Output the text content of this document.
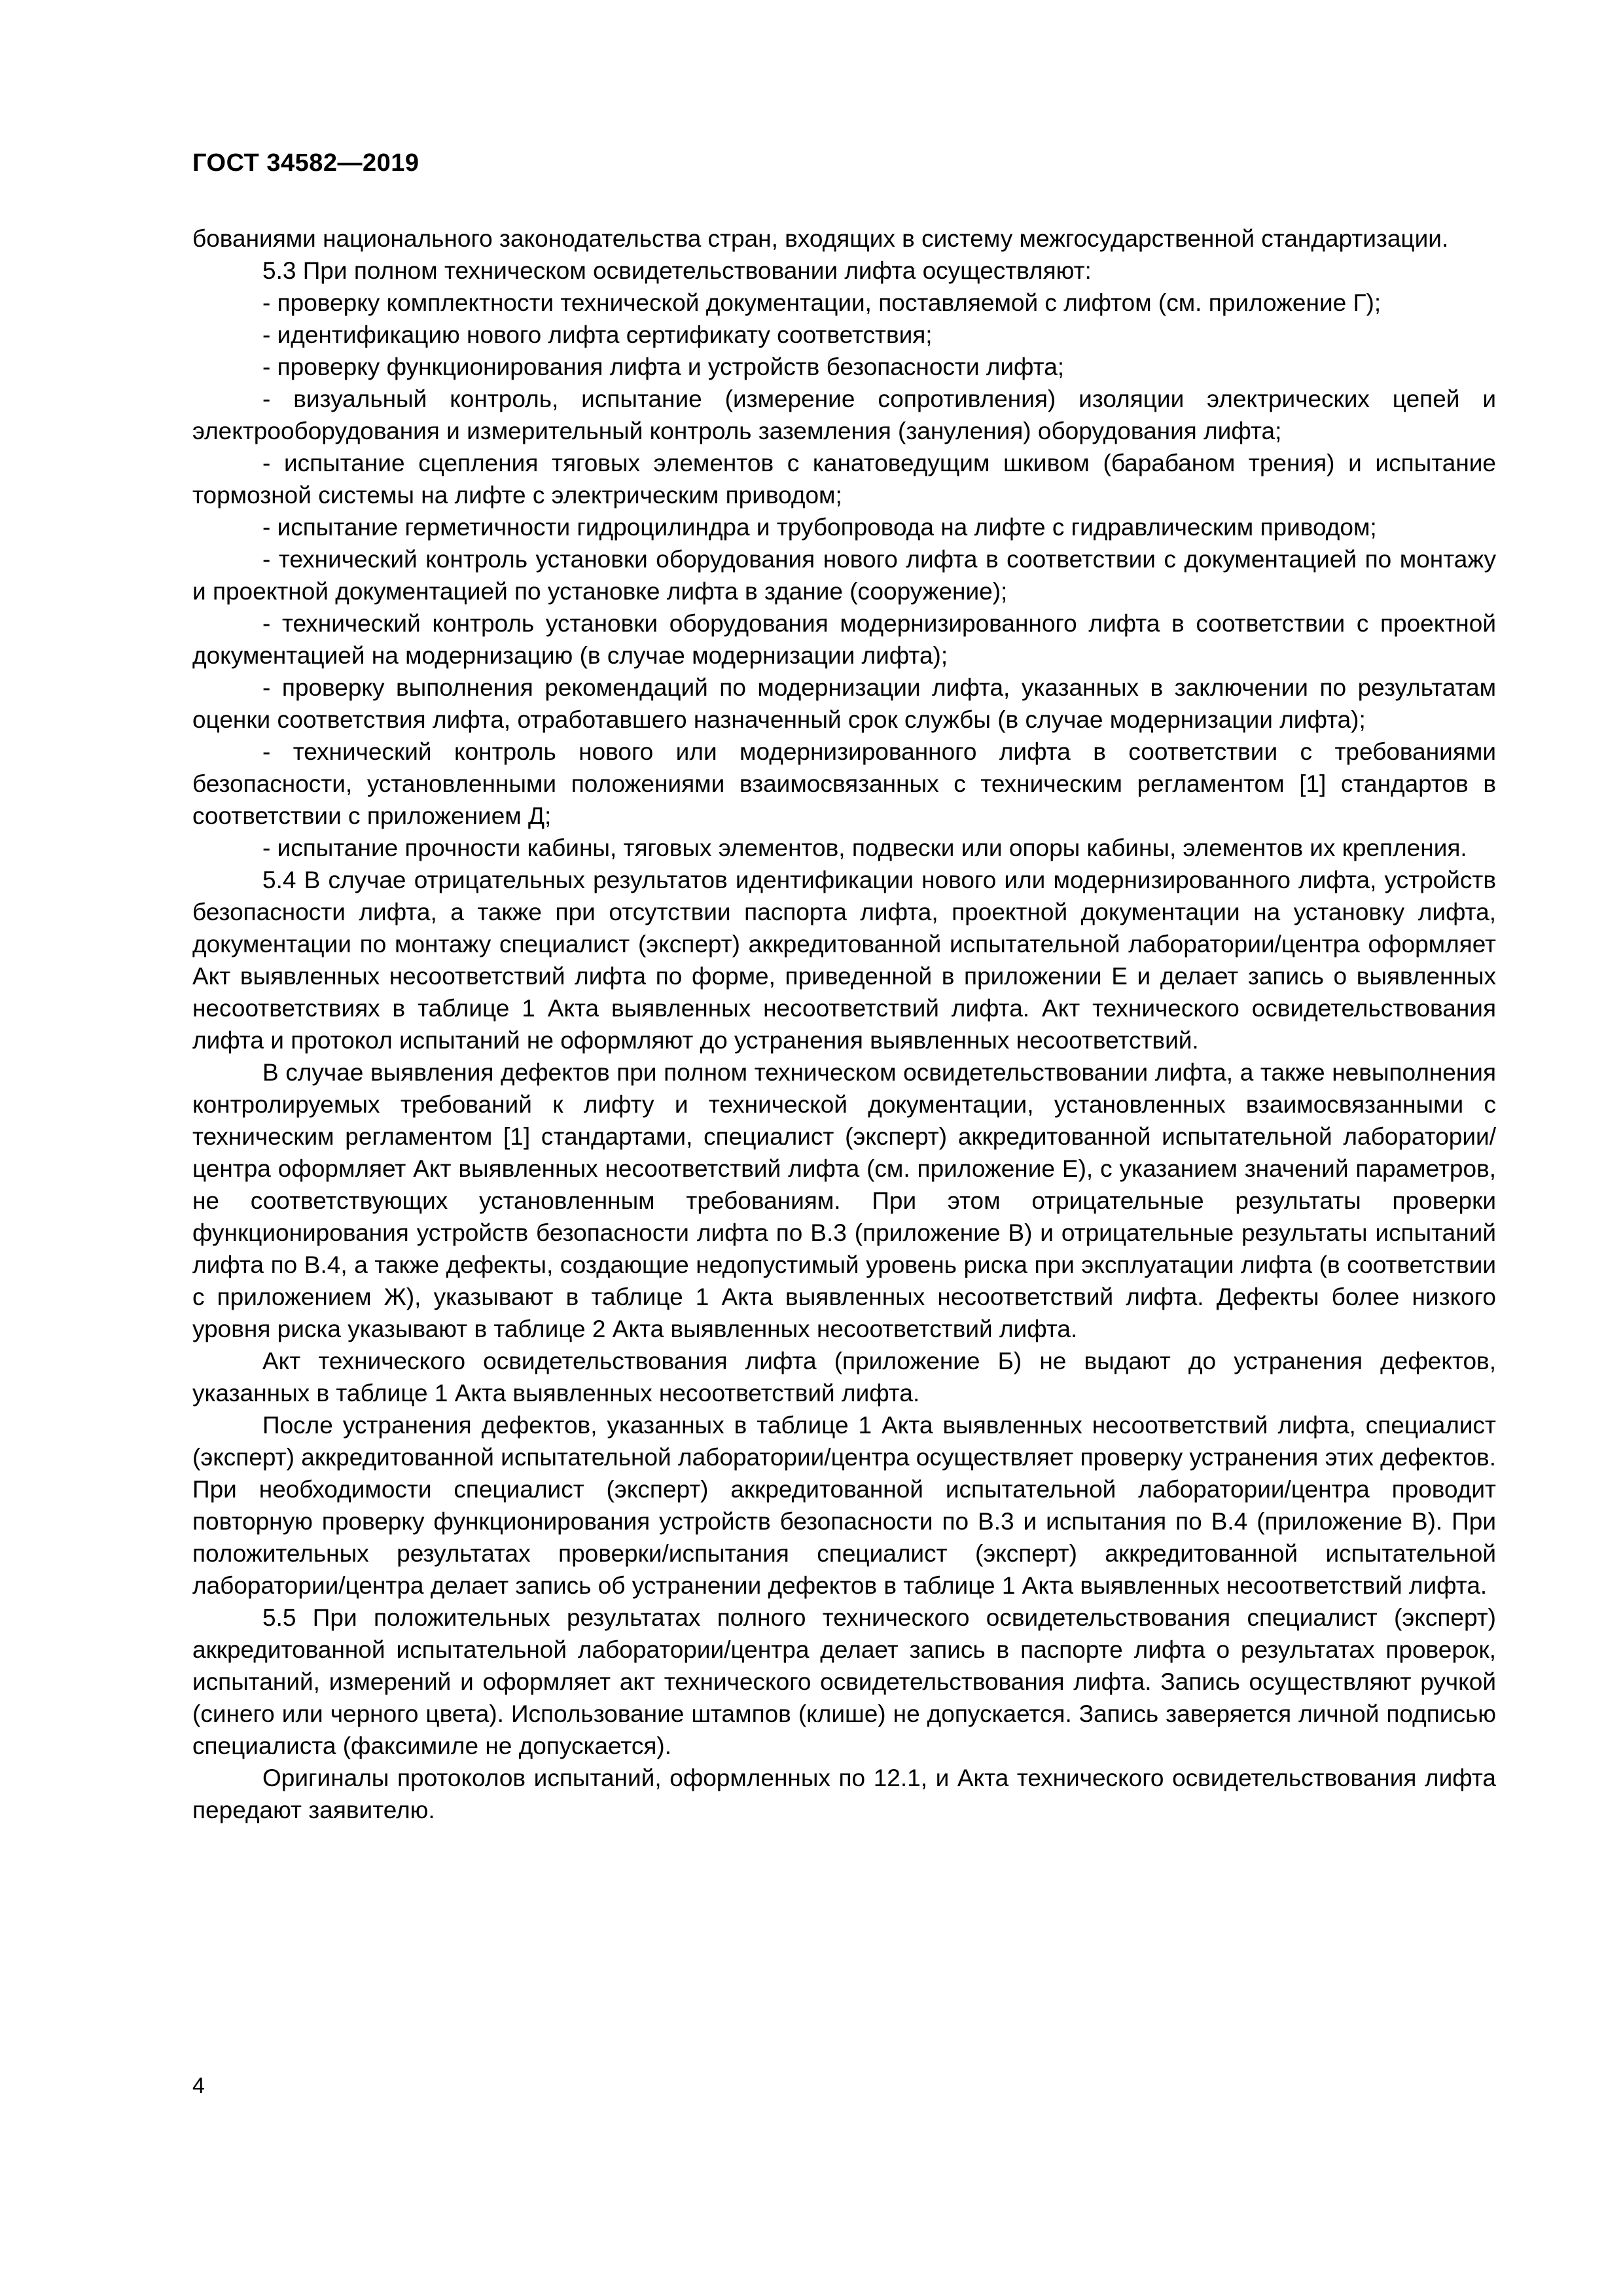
ГОСТ 34582—2019

бованиями национального законодательства стран, входящих в систему межгосударственной стандартизации.

5.3 При полном техническом освидетельствовании лифта осуществляют:

- проверку комплектности технической документации, поставляемой с лифтом (см. приложение Г);

- идентификацию нового лифта сертификату соответствия;

- проверку функционирования лифта и устройств безопасности лифта;

- визуальный контроль, испытание (измерение сопротивления) изоляции электрических цепей и электрооборудования и измерительный контроль заземления (зануления) оборудования лифта;

- испытание сцепления тяговых элементов с канатоведущим шкивом (барабаном трения) и испытание тормозной системы на лифте с электрическим приводом;

- испытание герметичности гидроцилиндра и трубопровода на лифте с гидравлическим приводом;

- технический контроль установки оборудования нового лифта в соответствии с документацией по монтажу и проектной документацией по установке лифта в здание (сооружение);

- технический контроль установки оборудования модернизированного лифта в соответствии с проектной документацией на модернизацию (в случае модернизации лифта);

- проверку выполнения рекомендаций по модернизации лифта, указанных в заключении по результатам оценки соответствия лифта, отработавшего назначенный срок службы (в случае модернизации лифта);

- технический контроль нового или модернизированного лифта в соответствии с требованиями безопасности, установленными положениями взаимосвязанных с техническим регламентом [1] стандартов в соответствии с приложением Д;

- испытание прочности кабины, тяговых элементов, подвески или опоры кабины, элементов их крепления.

5.4 В случае отрицательных результатов идентификации нового или модернизированного лифта, устройств безопасности лифта, а также при отсутствии паспорта лифта, проектной документации на установку лифта, документации по монтажу специалист (эксперт) аккредитованной испытательной лаборатории/центра оформляет Акт выявленных несоответствий лифта по форме, приведенной в приложении Е и делает запись о выявленных несоответствиях в таблице 1 Акта выявленных несоответствий лифта. Акт технического освидетельствования лифта и протокол испытаний не оформляют до устранения выявленных несоответствий.

В случае выявления дефектов при полном техническом освидетельствовании лифта, а также невыполнения контролируемых требований к лифту и технической документации, установленных взаимосвязанными с техническим регламентом [1] стандартами, специалист (эксперт) аккредитованной испытательной лаборатории/центра оформляет Акт выявленных несоответствий лифта (см. приложение Е), с указанием значений параметров, не соответствующих установленным требованиям. При этом отрицательные результаты проверки функционирования устройств безопасности лифта по В.3 (приложение В) и отрицательные результаты испытаний лифта по В.4, а также дефекты, создающие недопустимый уровень риска при эксплуатации лифта (в соответствии с приложением Ж), указывают в таблице 1 Акта выявленных несоответствий лифта. Дефекты более низкого уровня риска указывают в таблице 2 Акта выявленных несоответствий лифта.

Акт технического освидетельствования лифта (приложение Б) не выдают до устранения дефектов, указанных в таблице 1 Акта выявленных несоответствий лифта.

После устранения дефектов, указанных в таблице 1 Акта выявленных несоответствий лифта, специалист (эксперт) аккредитованной испытательной лаборатории/центра осуществляет проверку устранения этих дефектов. При необходимости специалист (эксперт) аккредитованной испытательной лаборатории/центра проводит повторную проверку функционирования устройств безопасности по В.3 и испытания по В.4 (приложение В). При положительных результатах проверки/испытания специалист (эксперт) аккредитованной испытательной лаборатории/центра делает запись об устранении дефектов в таблице 1 Акта выявленных несоответствий лифта.

5.5 При положительных результатах полного технического освидетельствования специалист (эксперт) аккредитованной испытательной лаборатории/центра делает запись в паспорте лифта о результатах проверок, испытаний, измерений и оформляет акт технического освидетельствования лифта. Запись осуществляют ручкой (синего или черного цвета). Использование штампов (клише) не допускается. Запись заверяется личной подписью специалиста (факсимиле не допускается).

Оригиналы протоколов испытаний, оформленных по 12.1, и Акта технического освидетельствования лифта передают заявителю.

4
